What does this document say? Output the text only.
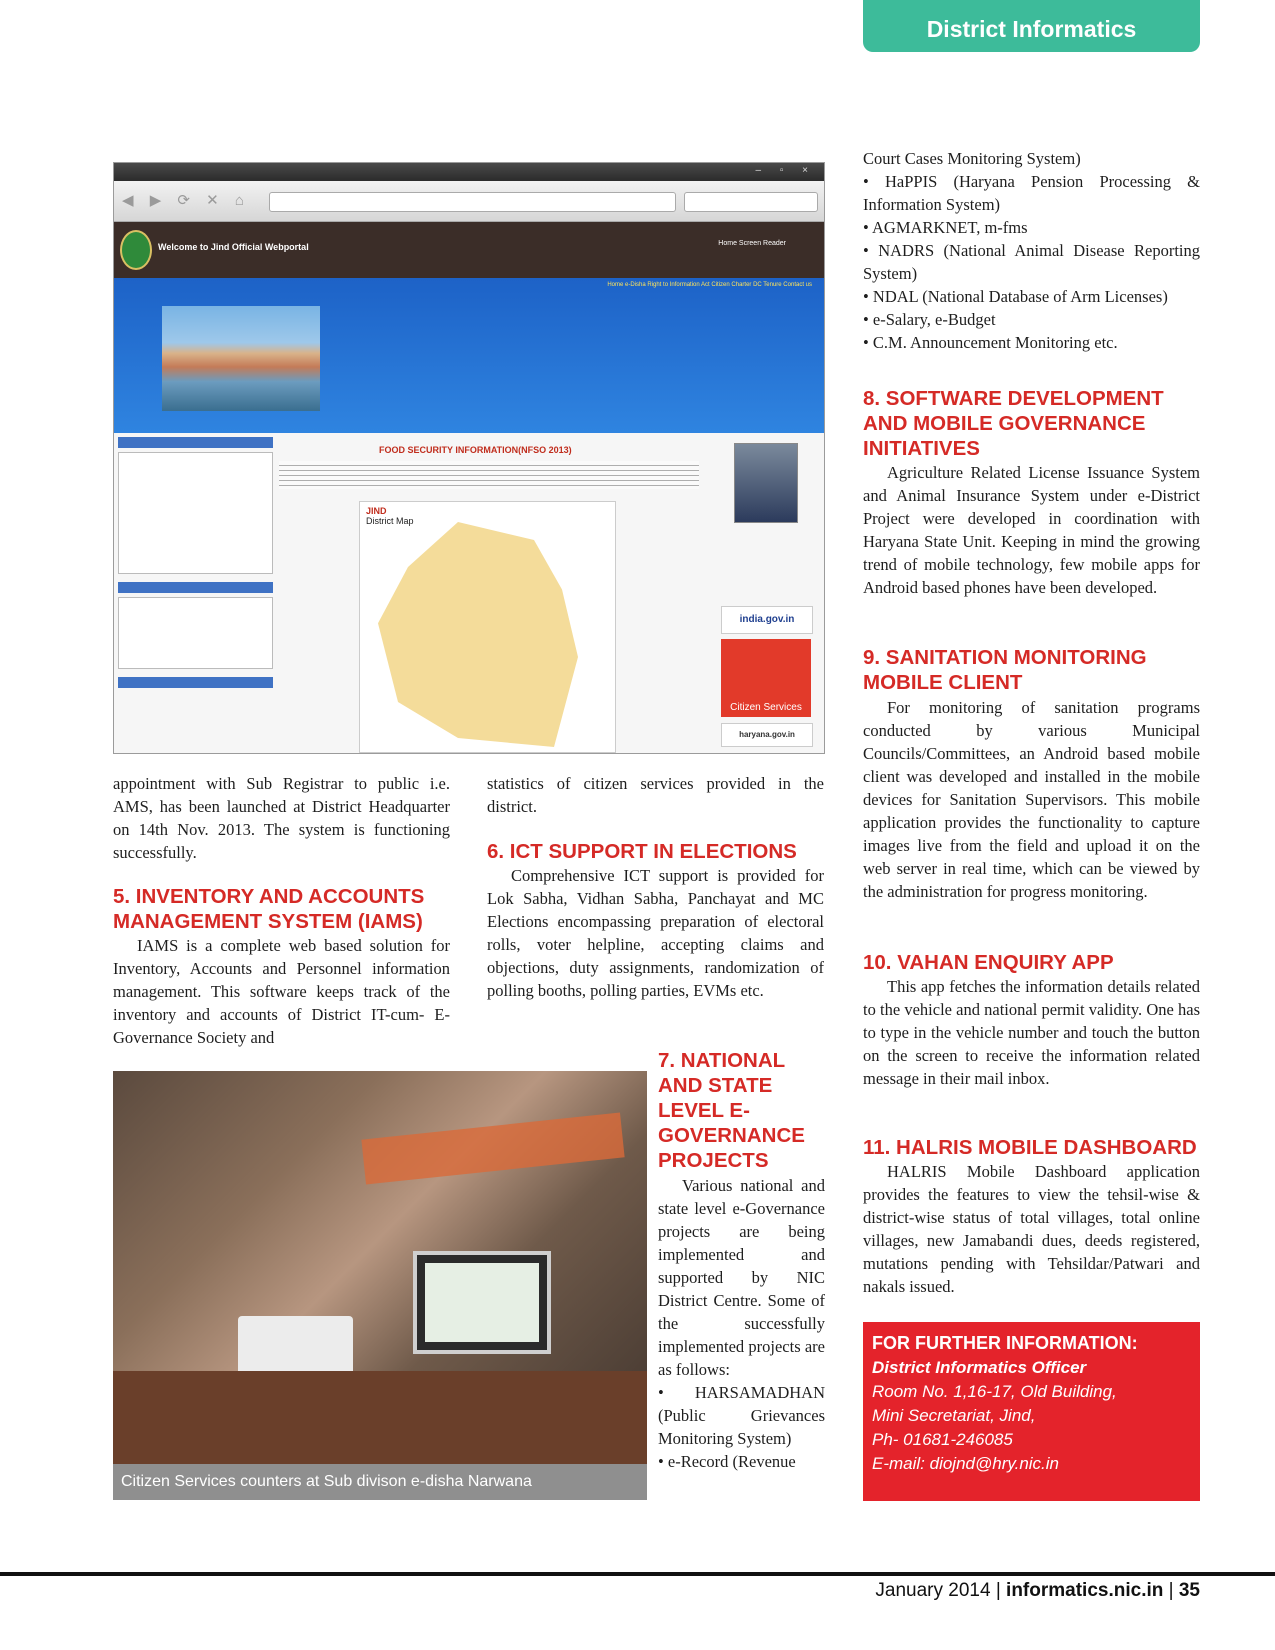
District Informatics
– ▫ ×
◀ ▶ ⟳ ✕ ⌂
Welcome to Jind Official Webportal	Home Screen Reader
Home e-Disha Right to Information Act Citizen Charter DC Tenure Contact us
FOOD SECURITY INFORMATION(NFSO 2013)
JIND
District Map
india.gov.in
Citizen Services
haryana.gov.in

appointment with Sub Registrar to public i.e. AMS, has been launched at District Headquarter on 14th Nov. 2013. The system is functioning successfully.

5. INVENTORY AND ACCOUNTS MANAGEMENT SYSTEM (IAMS)

IAMS is a complete web based solution for Inventory, Accounts and Personnel information management. This software keeps track of the inventory and accounts of District IT-cum- E-Governance Society and

statistics of citizen services provided in the district.

6. ICT SUPPORT IN ELECTIONS

Comprehensive ICT support is provided for Lok Sabha, Vidhan Sabha, Panchayat and MC Elections encompassing preparation of electoral rolls, voter helpline, accepting claims and objections, duty assignments, randomization of polling booths, polling parties, EVMs etc.

Citizen Services counters at Sub divison e-disha Narwana
7. NATIONAL AND STATE LEVEL E-GOVERNANCE PROJECTS

Various national and state level e-Governance projects are being implemented and supported by NIC District Centre. Some of the successfully implemented projects are as follows:

• HARSAMADHAN (Public Grievances Monitoring System)
• e-Record (Revenue

Court Cases Monitoring System)

• HaPPIS (Haryana Pension Processing & Information System)
• AGMARKNET, m-fms
• NADRS (National Animal Disease Reporting System)
• NDAL (National Database of Arm Licenses)
• e-Salary, e-Budget
• C.M. Announcement Monitoring etc.
8. SOFTWARE DEVELOPMENT AND MOBILE GOVERNANCE INITIATIVES

Agriculture Related License Issuance System and Animal Insurance System under e-District Project were developed in coordination with Haryana State Unit. Keeping in mind the growing trend of mobile technology, few mobile apps for Android based phones have been developed.

9. SANITATION MONITORING MOBILE CLIENT

For monitoring of sanitation programs conducted by various Municipal Councils/Committees, an Android based mobile client was developed and installed in the mobile devices for Sanitation Supervisors. This mobile application provides the functionality to capture images live from the field and upload it on the web server in real time, which can be viewed by the administration for progress monitoring.

10. VAHAN ENQUIRY APP

This app fetches the information details related to the vehicle and national permit validity. One has to type in the vehicle number and touch the button on the screen to receive the information related message in their mail inbox.

11. HALRIS MOBILE DASHBOARD

HALRIS Mobile Dashboard application provides the features to view the tehsil-wise & district-wise status of total villages, total online villages, new Jamabandi dues, deeds registered, mutations pending with Tehsildar/Patwari and nakals issued.

FOR FURTHER INFORMATION:
District Informatics Officer
Room No. 1,16-17, Old Building,
Mini Secretariat, Jind,
Ph- 01681-246085
E-mail: diojnd@hry.nic.in
January 2014 | informatics.nic.in | 35
